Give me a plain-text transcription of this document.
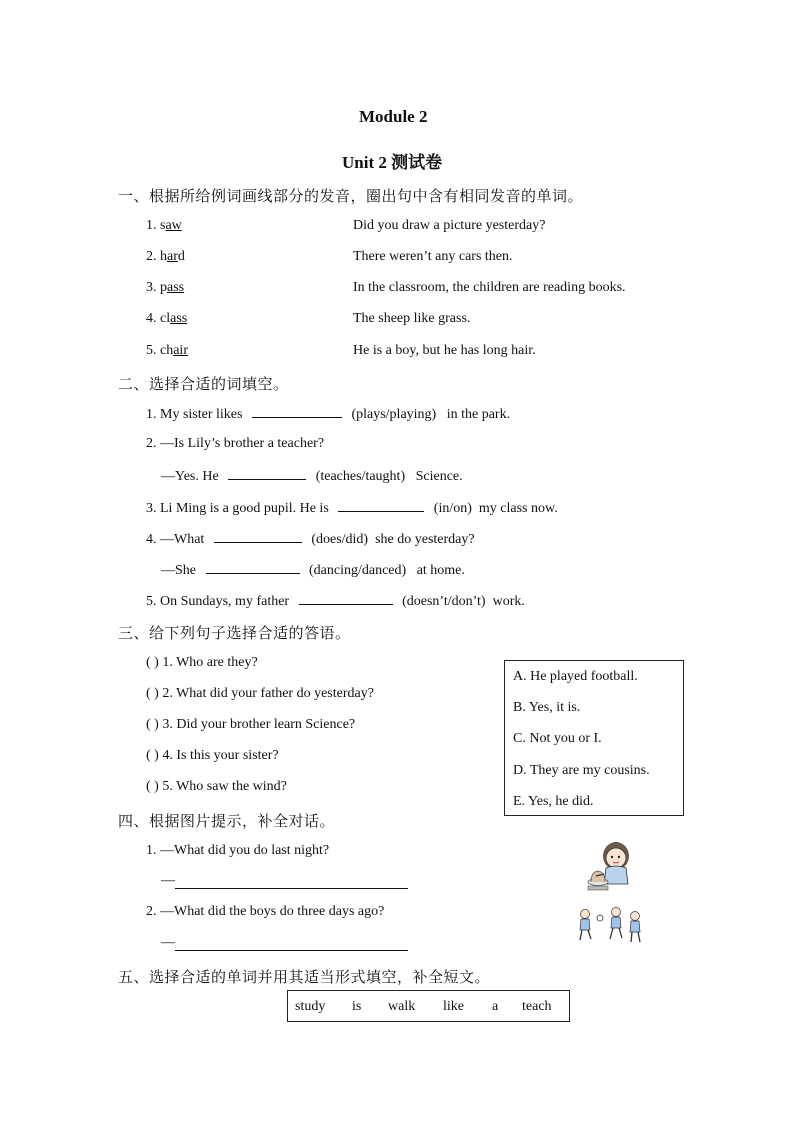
Module 2
Unit 2 测试卷
一、根据所给例词画线部分的发音，圈出句中含有相同发音的单词。
1. saw	Did you draw a picture yesterday?
2. hard	There weren’t any cars then.
3. pass	In the classroom, the children are reading books.
4. class	The sheep like grass.
5. chair	He is a boy, but he has long hair.
二、选择合适的词填空。
1. My sister likes	(plays/playing) in the park.
2. —Is Lily’s brother a teacher?
—Yes. He	(teaches/taught) Science.
3. Li Ming is a good pupil. He is	(in/on) my class now.
4. —What	(does/did) she do yesterday?
—She	(dancing/danced) at home.
5. On Sundays, my father	(doesn’t/don’t) work.
三、给下列句子选择合适的答语。
( ) 1. Who are they?
( ) 2. What did your father do yesterday?
( ) 3. Did your brother learn Science?
( ) 4. Is this your sister?
( ) 5. Who saw the wind?
A. He played football.
B. Yes, it is.
C. Not you or I.
D. They are my cousins.
E. Yes, he did.
四、根据图片提示，补全对话。
1. —What did you do last night?
—
2. —What did the boys do three days ago?
—
五、选择合适的单词并用其适当形式填空，补全短文。
study is walk like a teach
